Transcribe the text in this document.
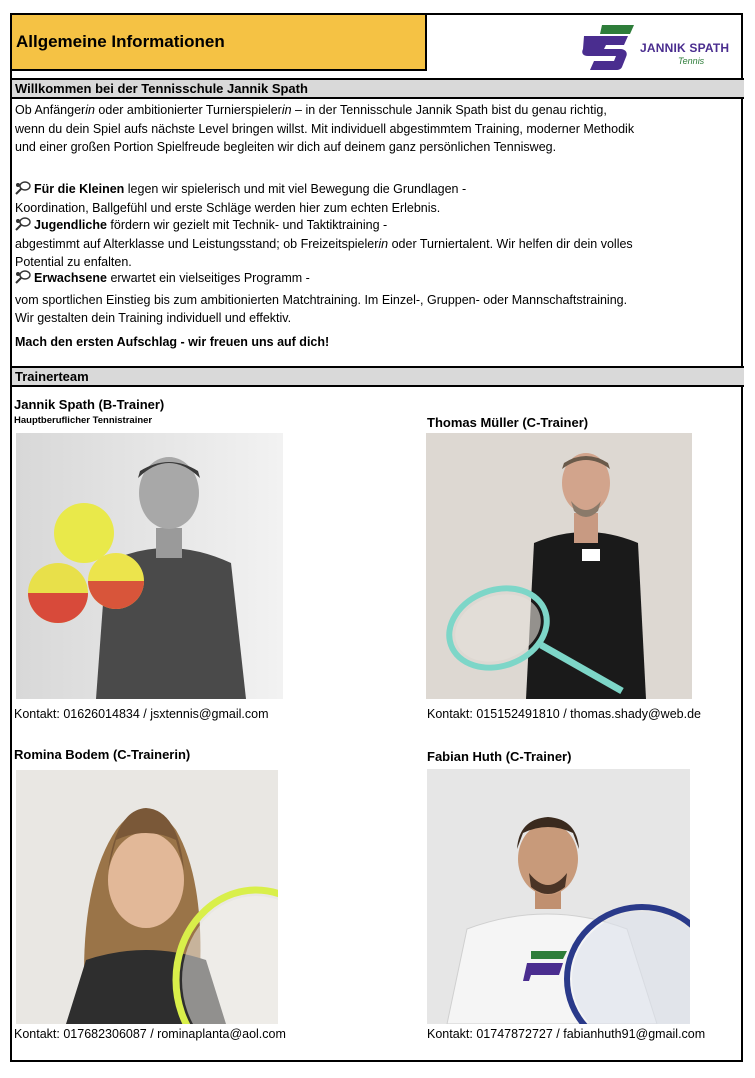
Allgemeine Informationen	JANNIK SPATH
Tennis
Willkommen bei der Tennisschule Jannik Spath
Ob Anfängerin oder ambitionierter Turnierspielerin – in der Tennisschule Jannik Spath bist du genau richtig,
wenn du dein Spiel aufs nächste Level bringen willst. Mit individuell abgestimmtem Training, moderner Methodik
und einer großen Portion Spielfreude begleiten wir dich auf deinem ganz persönlichen Tennisweg.
Für die Kleinen legen wir spielerisch und mit viel Bewegung die Grundlagen -
Koordination, Ballgefühl und erste Schläge werden hier zum echten Erlebnis.
Jugendliche fördern wir gezielt mit Technik- und Taktiktraining -
abgestimmt auf Alterklasse und Leistungsstand; ob Freizeitspielerin oder Turniertalent. Wir helfen dir dein volles
Potential zu enfalten.
Erwachsene erwartet ein vielseitiges Programm -
vom sportlichen Einstieg bis zum ambitionierten Matchtraining. Im Einzel-, Gruppen- oder Mannschaftstraining.
Wir gestalten dein Training individuell und effektiv.
Mach den ersten Aufschlag - wir freuen uns auf dich!
Trainerteam
Jannik Spath (B-Trainer)
Hauptberuflicher Tennistrainer
Kontakt: 01626014834 / jsxtennis@gmail.com
Thomas Müller (C-Trainer)
Kontakt: 015152491810 / thomas.shady@web.de
Romina Bodem (C-Trainerin)
Kontakt: 017682306087 / rominaplanta@aol.com
Fabian Huth (C-Trainer)
Kontakt: 01747872727 / fabianhuth91@gmail.com
